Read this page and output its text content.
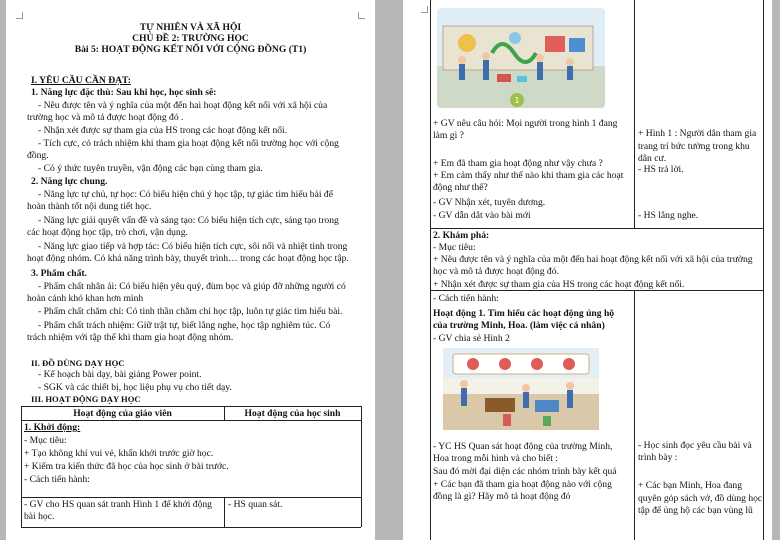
TỰ NHIÊN VÀ XÃ HỘI
CHỦ ĐỀ 2: TRƯỜNG HỌC
Bài 5: HOẠT ĐỘNG KẾT NỐI VỚI CỘNG ĐỒNG (T1)
I. YÊU CẦU CẦN ĐẠT:
1. Năng lực đặc thù: Sau khi học, học sinh sẽ:
- Nêu được tên và ý nghĩa của một đến hai hoạt động kết nối với xã hội của
trường học và mô tả được hoạt động đó .
- Nhận xét được sự tham gia của HS trong các hoạt động kết nối.
- Tích cực, có trách nhiệm khi tham gia hoạt động kết nối trường học với cộng
đồng.
- Có ý thức tuyên truyền, vận động các bạn cùng tham gia.
2. Năng lực chung.
- Năng lực tự chủ, tự học: Có biểu hiện chú ý học tập, tự giác tìm hiểu bài để
hoàn thành tốt nội dung tiết học.
- Năng lực giải quyết vấn đề và sáng tạo: Có biểu hiện tích cực, sáng tạo trong
các hoạt động học tập, trò chơi, vận dụng.
- Năng lực giao tiếp và hợp tác: Có biểu hiện tích cực, sôi nổi và nhiệt tình trong
hoạt động nhóm. Có khả năng trình bày, thuyết trình… trong các hoạt động học tập.
3. Phẩm chất.
- Phẩm chất nhân ái: Có biểu hiện yêu quý, đùm bọc và giúp đỡ những người có
hoàn cảnh khó khan hơn mình
- Phẩm chất chăm chỉ: Có tinh thần chăm chỉ học tập, luôn tự giác tìm hiểu bài.
- Phẩm chất trách nhiệm: Giữ trật tự, biết lắng nghe, học tập nghiêm túc. Có
trách nhiệm với tập thể khi tham gia hoạt động nhóm.
II. ĐỒ DÙNG DẠY HỌC
- Kế hoạch bài dạy, bài giảng Power point.
- SGK và các thiết bị, học liệu phụ vụ cho tiết dạy.
III. HOẠT ĐỘNG DẠY HỌC
Hoạt động của giáo viên	Hoạt động của học sinh
1. Khởi động:
- Mục tiêu:
+ Tạo không khí vui vẻ, khấn khởi trước giờ học.
+ Kiểm tra kiến thức đã học của học sinh ở bài trước.
- Cách tiến hành:
- GV cho HS quan sát tranh Hình 1 để khởi động
bài học.
- HS quan sát.
1
+ GV nêu câu hỏi: Mọi người trong hình 1 đang
làm gì ?
+ Em đã tham gia hoạt động như vậy chưa ?
+ Em cảm thấy như thế nào khi tham gia các hoạt
động như thế?
- GV Nhận xét, tuyên dương.
- GV dẫn dắt vào bài mới
+ Hình 1 : Người dân tham gia
trang trí bức tường trong khu
dân cư.
- HS trả lời.
- HS lắng nghe.
2. Khám phá:
- Mục tiêu:
+ Nêu được tên và ý nghĩa của một đến hai hoạt động kết nối với xã hội của trường
học và mô tả được hoạt động đó.
+ Nhận xét được sự tham gia của HS trong các hoạt động kết nối.
- Cách tiến hành:
Hoạt động 1. Tìm hiểu các hoạt động ủng hộ
của trường Minh, Hoa. (làm việc cá nhân)
- GV chia sẻ Hình 2
- YC HS Quan sát hoạt động của trường Minh,
Hoa trong mỗi hình và cho biết :
Sau đó mời đại diện các nhóm trình bày kết quả
+ Các bạn đã tham gia hoạt động nào với cộng
đồng là gì? Hãy mô tả hoạt động đó
- Học sinh đọc yêu cầu bài và
trình bày :
+ Các bạn Minh, Hoa đang
quyên góp sách vở, đồ dùng học
tập để ủng hộ các bạn vùng lũ
